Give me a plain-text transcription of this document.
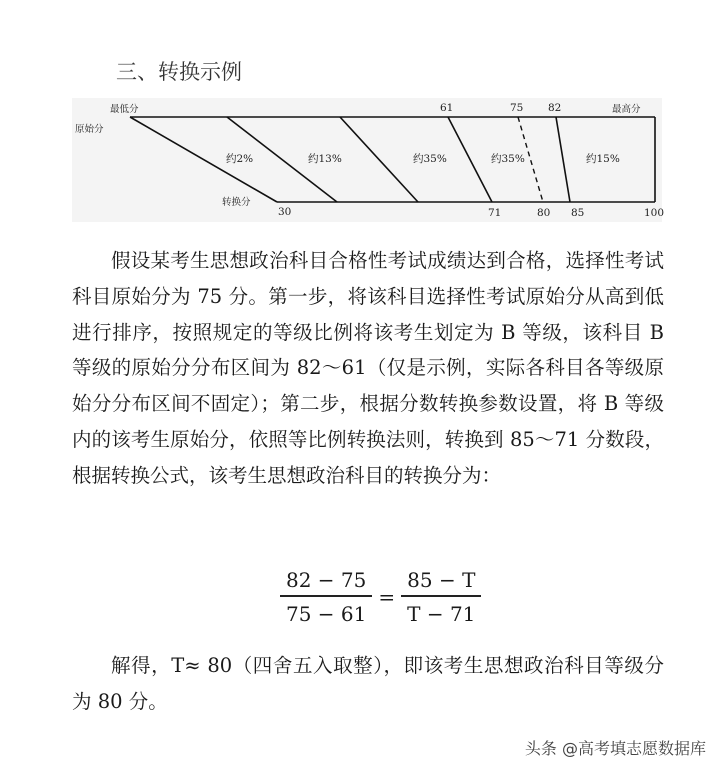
三、转换示例
最低分	最高分
原始分
转换分
61	75 82
30	71	80 85	100
约2%	约13%	约35%	约35%	约15%

假设某考生思想政治科目合格性考试成绩达到合格，选择性考试科目原始分为 75 分。第一步，将该科目选择性考试原始分从高到低进行排序，按照规定的等级比例将该考生划定为 B 等级，该科目 B 等级的原始分分布区间为 82～61（仅是示例，实际各科目各等级原始分分布区间不固定）；第二步，根据分数转换参数设置，将 B 等级内的该考生原始分，依照等比例转换法则，转换到 85～71 分数段，根据转换公式，该考生思想政治科目的转换分为：

$\frac{82 - 75}{75 - 61} = \frac{85 - T}{T - 71}$

解得，T≈ 80（四舍五入取整），即该考生思想政治科目等级分为 80 分。

头条 @高考填志愿数据库
